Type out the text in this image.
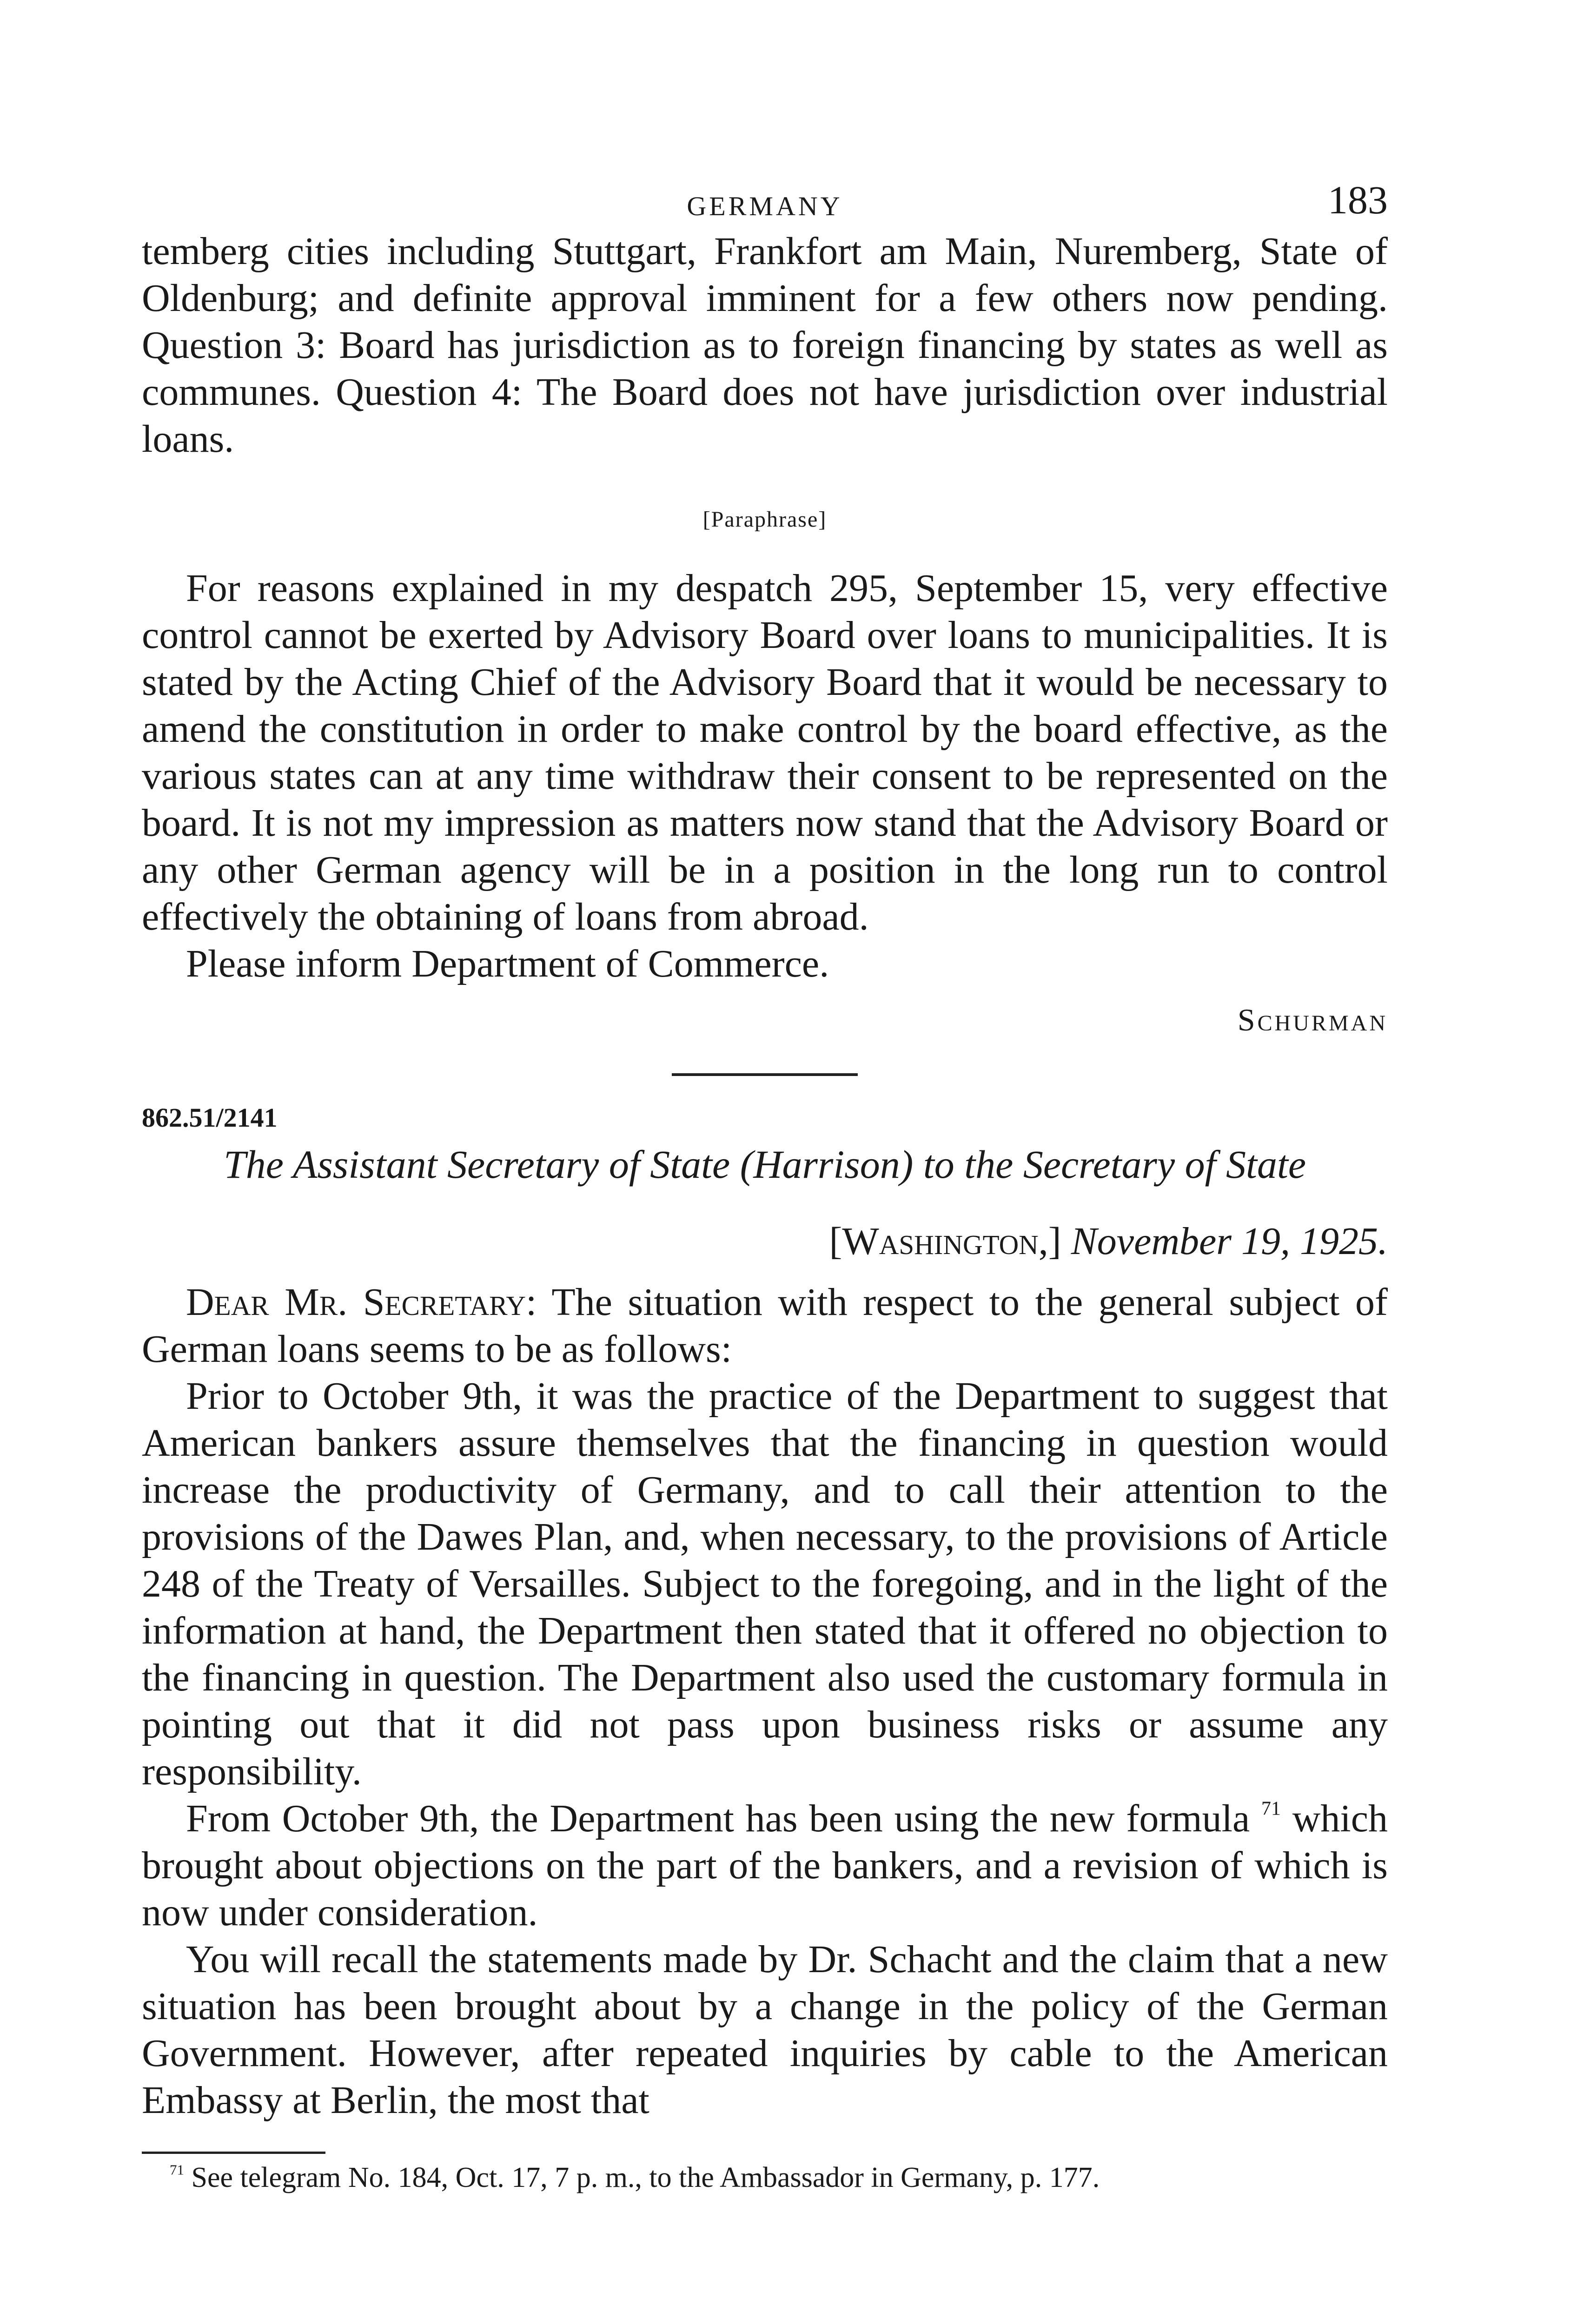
GERMANY	183

temberg cities including Stuttgart, Frankfort am Main, Nuremberg, State of Oldenburg; and definite approval imminent for a few others now pending. Question 3: Board has jurisdiction as to foreign financing by states as well as communes. Question 4: The Board does not have jurisdiction over industrial loans.

[Paraphrase]

For reasons explained in my despatch 295, September 15, very effective control cannot be exerted by Advisory Board over loans to municipalities. It is stated by the Acting Chief of the Advisory Board that it would be necessary to amend the constitution in order to make control by the board effective, as the various states can at any time withdraw their consent to be represented on the board. It is not my impression as matters now stand that the Advisory Board or any other German agency will be in a position in the long run to control effectively the obtaining of loans from abroad.

Please inform Department of Commerce.

Schurman
862.51/2141
The Assistant Secretary of State (Harrison) to the Secretary of State
[Washington,] November 19, 1925.

Dear Mr. Secretary: The situation with respect to the general subject of German loans seems to be as follows:

Prior to October 9th, it was the practice of the Department to suggest that American bankers assure themselves that the financing in question would increase the productivity of Germany, and to call their attention to the provisions of the Dawes Plan, and, when necessary, to the provisions of Article 248 of the Treaty of Versailles. Subject to the foregoing, and in the light of the information at hand, the Department then stated that it offered no objection to the financing in question. The Department also used the customary formula in pointing out that it did not pass upon business risks or assume any responsibility.

From October 9th, the Department has been using the new formula $^{71}$ which brought about objections on the part of the bankers, and a revision of which is now under consideration.

You will recall the statements made by Dr. Schacht and the claim that a new situation has been brought about by a change in the policy of the German Government. However, after repeated inquiries by cable to the American Embassy at Berlin, the most that

$^{71}$ See telegram No. 184, Oct. 17, 7 p. m., to the Ambassador in Germany, p. 177.
